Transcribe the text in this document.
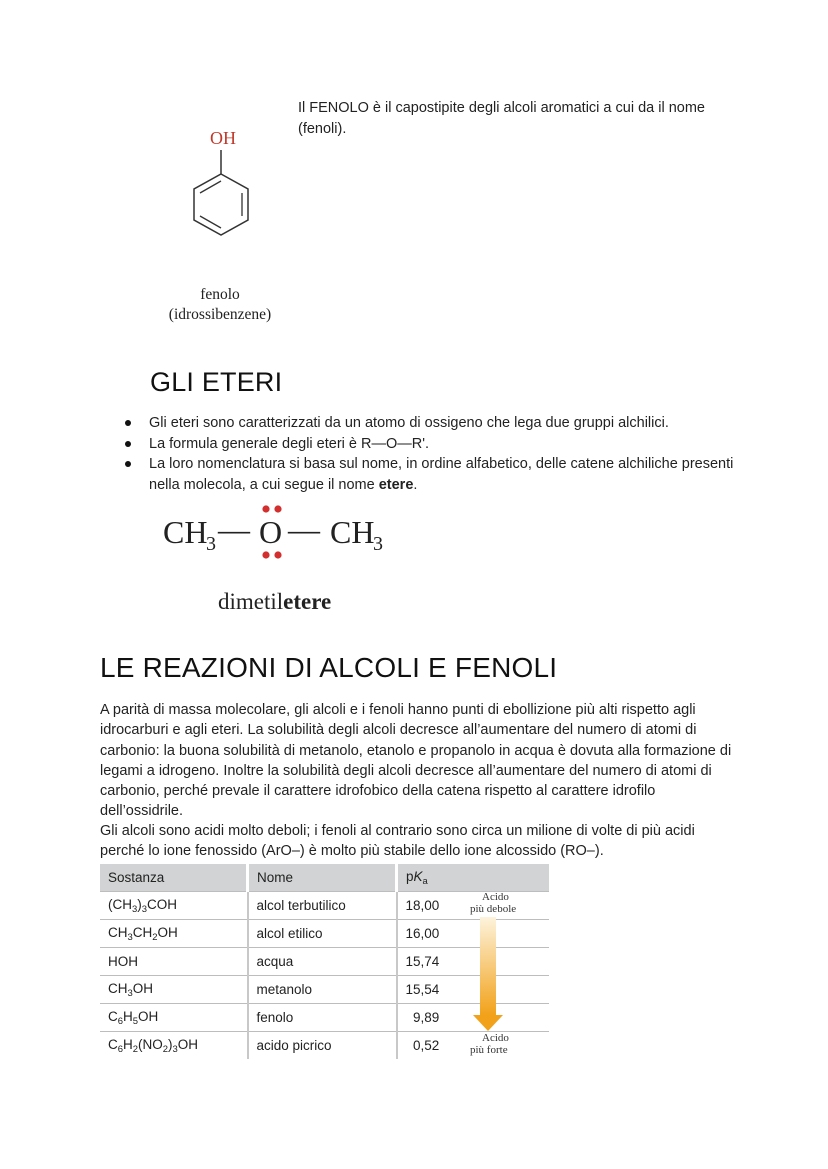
Il FENOLO è il capostipite degli alcoli aromatici a cui da il nome (fenoli).

OH
fenolo
(idrossibenzene)
GLI ETERI
Gli eteri sono caratterizzati da un atomo di ossigeno che lega due gruppi alchilici.
La formula generale degli eteri è R—O—R'.
La loro nomenclatura si basa sul nome, in ordine alfabetico, delle catene alchiliche presenti nella molecola, a cui segue il nome etere.
CH
3 — O — CH
3
dimetiletere
LE REAZIONI DI ALCOLI E FENOLI

A parità di massa molecolare, gli alcoli e i fenoli hanno punti di ebollizione più alti rispetto agli idrocarburi e agli eteri. La solubilità degli alcoli decresce all’aumentare del numero di atomi di carbonio: la buona solubilità di metanolo, etanolo e propanolo in acqua è dovuta alla formazione di legami a idrogeno. Inoltre la solubilità degli alcoli decresce all’aumentare del numero di atomi di carbonio, perché prevale il carattere idrofobico della catena rispetto al carattere idrofilo dell’ossidrile.

Gli alcoli sono acidi molto deboli; i fenoli al contrario sono circa un milione di volte di più acidi perché lo ione fenossido (ArO–) è molto più stabile dello ione alcossido (RO–).

Sostanza	Nome	$pK_a$	
$(CH_3)_3COH$	alcol terbutilico	18,00	
$CH_3CH_2OH$	alcol etilico	16,00	
HOH	acqua	15,74	
$CH_3OH$	metanolo	15,54	
$C_6H_5OH$	fenolo	9,89	
$C_6H_2(NO_2)_3OH$	acido picrico	0,52	
Acido
più debole
Acido
più forte
